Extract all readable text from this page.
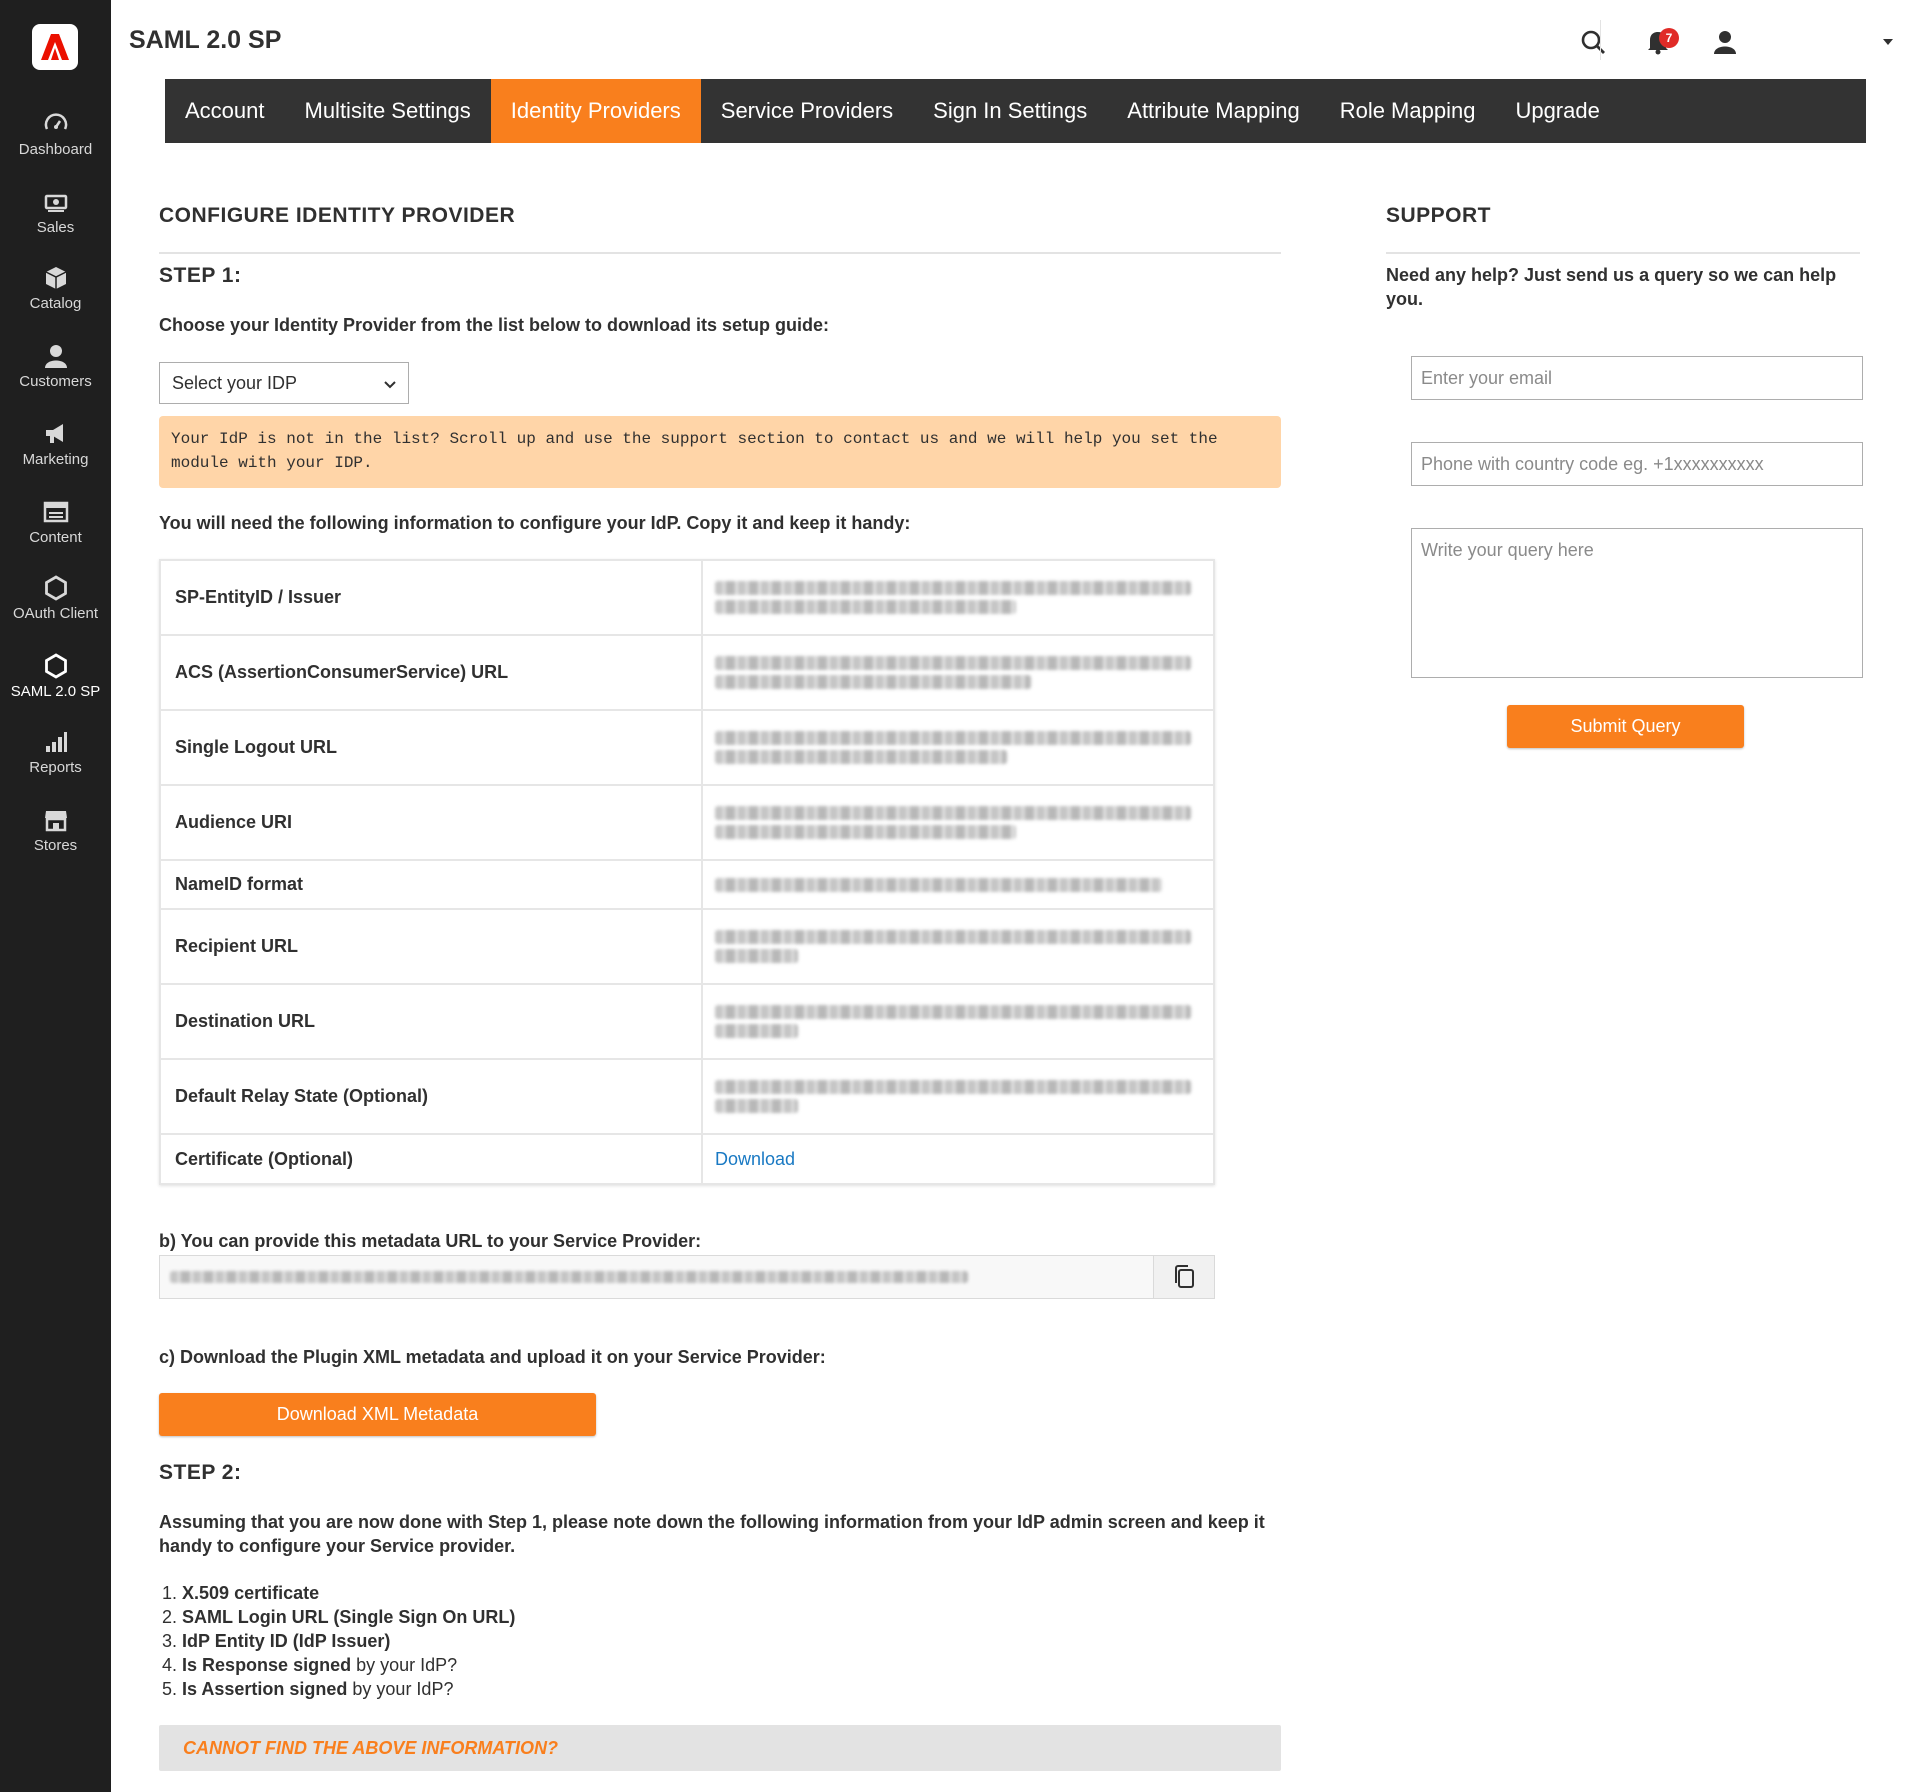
Dashboard
Sales
Catalog
Customers
Marketing
Content
OAuth Client
SAML 2.0 SP
Reports
Stores
SAML 2.0 SP	7
Account	Multisite Settings	Identity Providers	Service Providers	Sign In Settings	Attribute Mapping	Role Mapping	Upgrade
CONFIGURE IDENTITY PROVIDER
STEP 1:
Choose your Identity Provider from the list below to download its setup guide:
Select your IDP
Your IdP is not in the list? Scroll up and use the support section to contact us and we will help you set the module with your IDP.
You will need the following information to configure your IdP. Copy it and keep it handy:
SP-EntityID / Issuer	

ACS (AssertionConsumerService) URL	

Single Logout URL	

Audience URI	

NameID format	

Recipient URL	

Destination URL	

Default Relay State (Optional)	

Certificate (Optional)	Download
b) You can provide this metadata URL to your Service Provider:
c) Download the Plugin XML metadata and upload it on your Service Provider:
Download XML Metadata
STEP 2:
Assuming that you are now done with Step 1, please note down the following information from your IdP admin screen and keep it handy to configure your Service provider.
1. X.509 certificate
2. SAML Login URL (Single Sign On URL)
3. IdP Entity ID (IdP Issuer)
4. Is Response signed by your IdP?
5. Is Assertion signed by your IdP?
CANNOT FIND THE ABOVE INFORMATION?
SUPPORT
Need any help? Just send us a query so we can help you.
Enter your email
Phone with country code eg. +1xxxxxxxxxx
Write your query here
Submit Query
